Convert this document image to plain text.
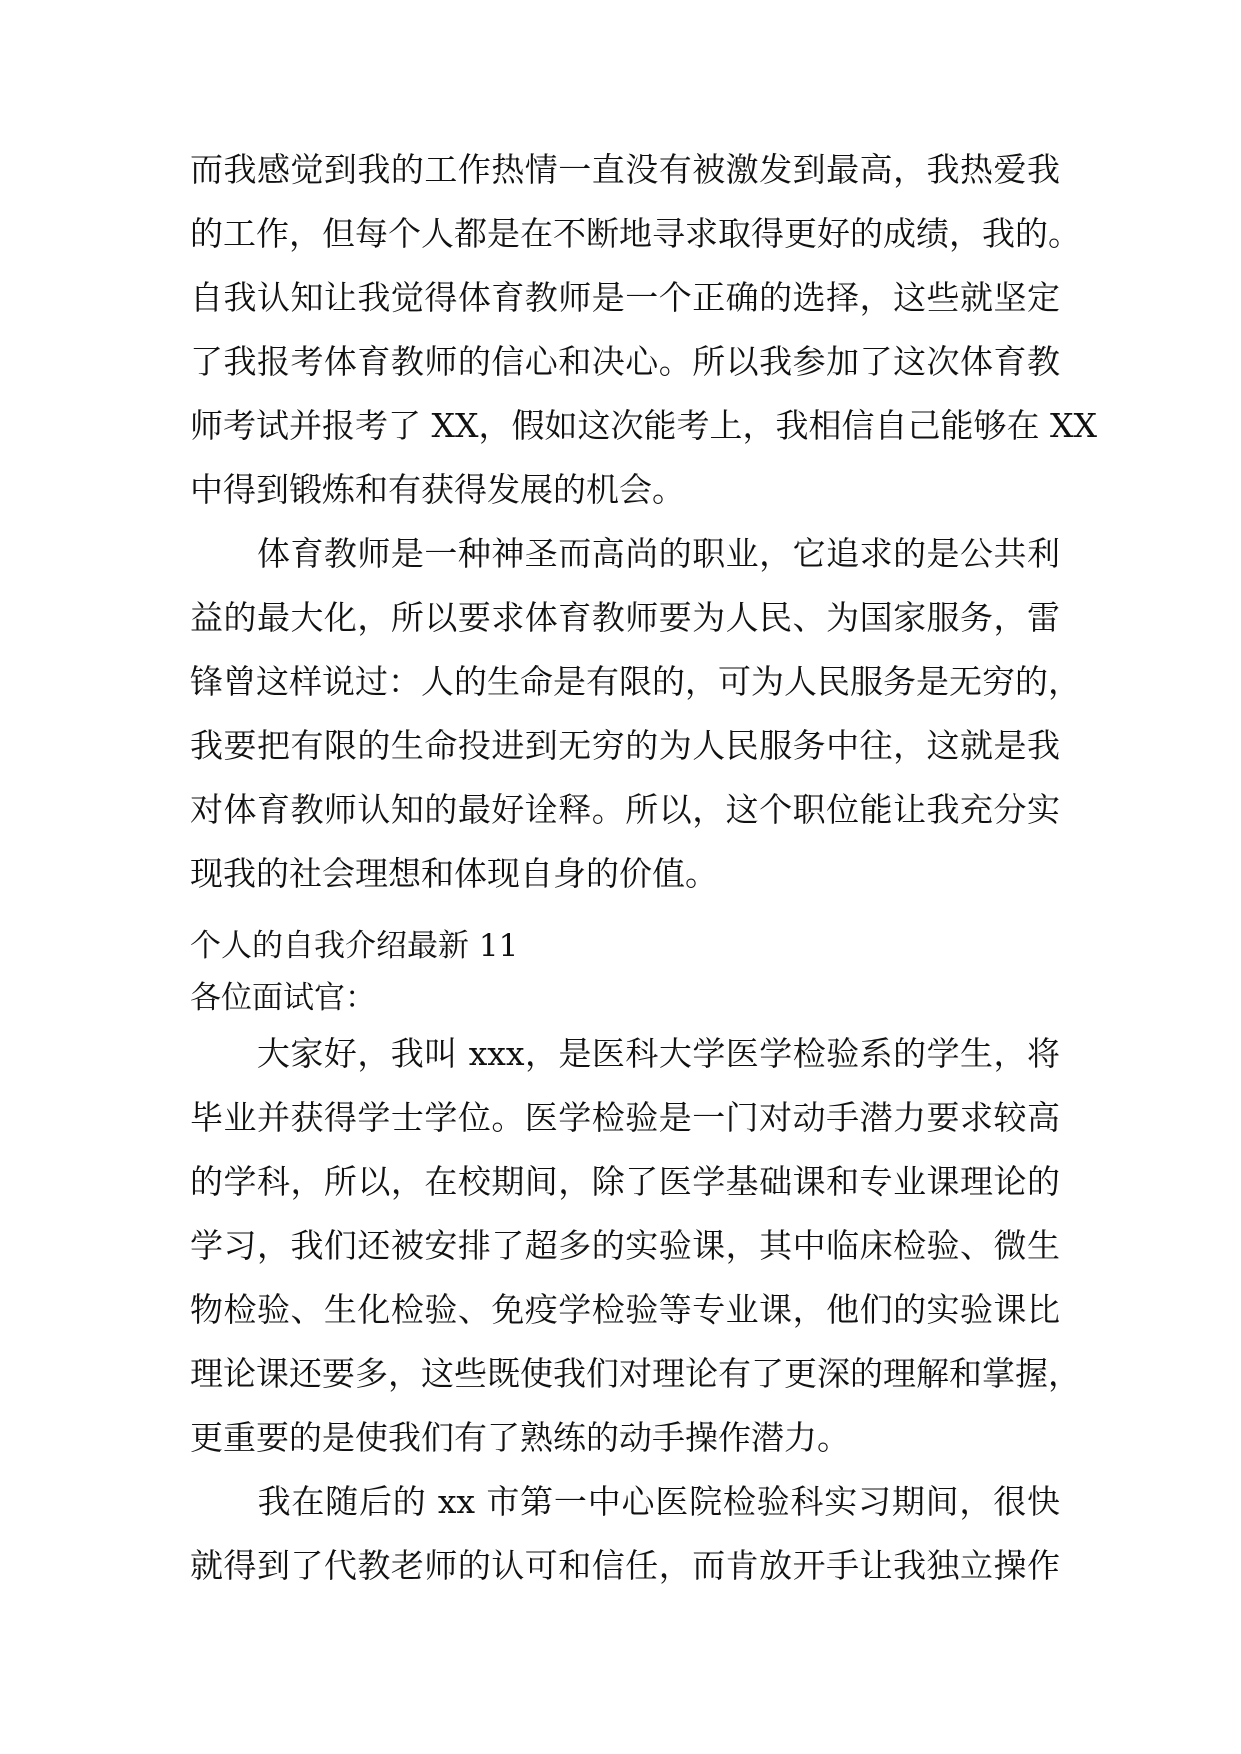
而我感觉到我的工作热情一直没有被激发到最高，我热爱我
的工作，但每个人都是在不断地寻求取得更好的成绩，我的。
自我认知让我觉得体育教师是一个正确的选择，这些就坚定
了我报考体育教师的信心和决心。所以我参加了这次体育教
师考试并报考了 XX，假如这次能考上，我相信自己能够在 XX
中得到锻炼和有获得发展的机会。
　　体育教师是一种神圣而高尚的职业，它追求的是公共利
益的最大化，所以要求体育教师要为人民、为国家服务，雷
锋曾这样说过：人的生命是有限的，可为人民服务是无穷的，
我要把有限的生命投进到无穷的为人民服务中往，这就是我
对体育教师认知的最好诠释。所以，这个职位能让我充分实
现我的社会理想和体现自身的价值。
个人的自我介绍最新 11
各位面试官：
　　大家好，我叫 xxx，是医科大学医学检验系的学生，将
毕业并获得学士学位。医学检验是一门对动手潜力要求较高
的学科，所以，在校期间，除了医学基础课和专业课理论的
学习，我们还被安排了超多的实验课，其中临床检验、微生
物检验、生化检验、免疫学检验等专业课，他们的实验课比
理论课还要多，这些既使我们对理论有了更深的理解和掌握，
更重要的是使我们有了熟练的动手操作潜力。
　　我在随后的 xx 市第一中心医院检验科实习期间，很快
就得到了代教老师的认可和信任，而肯放开手让我独立操作
